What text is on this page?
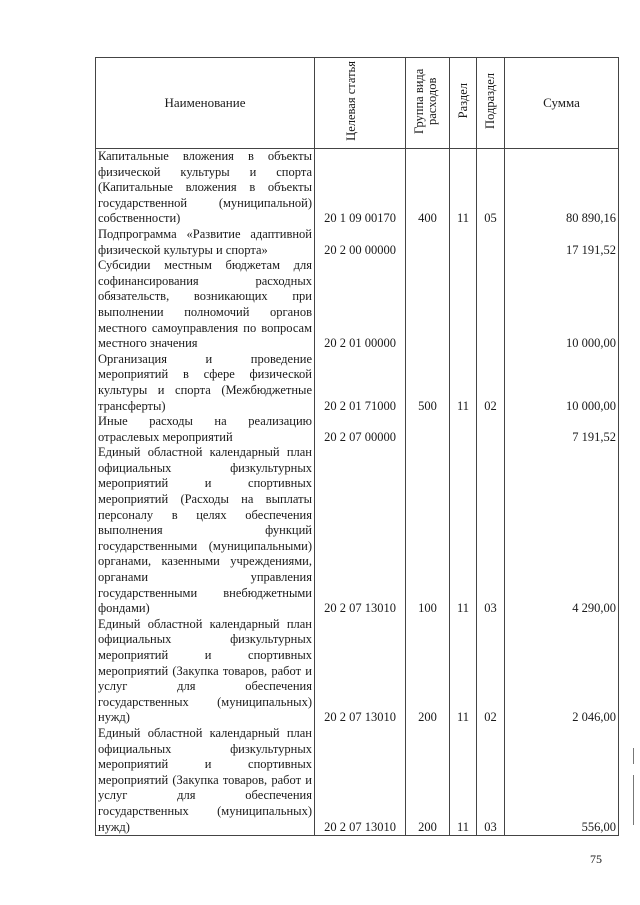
Наименование	Целевая статья	Группа вида расходов	Раздел	Подраздел	Сумма
Капитальные вложения в объекты физической культуры и спорта (Капитальные вложения в объекты государственной (муниципальной) собственности)	20 1 09 00170	400	11	05	80 890,16
Подпрограмма «Развитие адаптивной физической культуры и спорта»	20 2 00 00000				17 191,52
Субсидии местным бюджетам для софинансирования расходных обязательств, возникающих при выполнении полномочий органов местного самоуправления по вопросам местного значения	20 2 01 00000				10 000,00
Организация и проведение мероприятий в сфере физической культуры и спорта (Межбюджетные трансферты)	20 2 01 71000	500	11	02	10 000,00
Иные расходы на реализацию отраслевых мероприятий	20 2 07 00000				7 191,52
Единый областной календарный план официальных физкультурных мероприятий и спортивных мероприятий (Расходы на выплаты персоналу в целях обеспечения выполнения функций государственными (муниципальными) органами, казенными учреждениями, органами управления государственными внебюджетными фондами)	20 2 07 13010	100	11	03	4 290,00
Единый областной календарный план официальных физкультурных мероприятий и спортивных мероприятий (Закупка товаров, работ и услуг для обеспечения государственных (муниципальных) нужд)	20 2 07 13010	200	11	02	2 046,00
Единый областной календарный план официальных физкультурных мероприятий и спортивных мероприятий (Закупка товаров, работ и услуг для обеспечения государственных (муниципальных) нужд)	20 2 07 13010	200	11	03	556,00
75
